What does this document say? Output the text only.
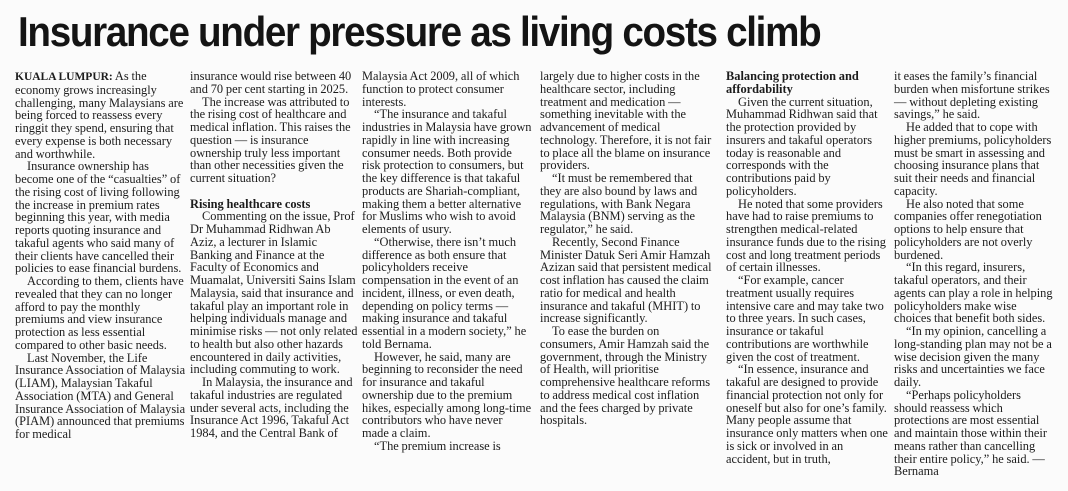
Insurance under pressure as living costs climb

KUALA LUMPUR: As the economy grows increasingly challenging, many Malaysians are being forced to reassess every ringgit they spend, ensuring that every expense is both necessary and worthwhile.

Insurance ownership has become one of the “casualties” of the rising cost of living following the increase in premium rates beginning this year, with media reports quoting insurance and takaful agents who said many of their clients have cancelled their policies to ease financial burdens.

According to them, clients have revealed that they can no longer afford to pay the monthly premiums and view insurance protection as less essential compared to other basic needs.

Last November, the Life Insurance Association of Malaysia (LIAM), Malaysian Takaful Association (MTA) and General Insurance Association of Malaysia (PIAM) announced that premiums for medical

insurance would rise between 40 and 70 per cent starting in 2025.

The increase was attributed to the rising cost of healthcare and medical inflation. This raises the question — is insurance ownership truly less important than other necessities given the current situation?

Rising healthcare costs

Commenting on the issue, Prof Dr Muhammad Ridhwan Ab Aziz, a lecturer in Islamic Banking and Finance at the Faculty of Economics and Muamalat, Universiti Sains Islam Malaysia, said that insurance and takaful play an important role in helping individuals manage and minimise risks — not only related to health but also other hazards encountered in daily activities, including commuting to work.

In Malaysia, the insurance and takaful industries are regulated under several acts, including the Insurance Act 1996, Takaful Act 1984, and the Central Bank of

Malaysia Act 2009, all of which function to protect consumer interests.

“The insurance and takaful industries in Malaysia have grown rapidly in line with increasing consumer needs. Both provide risk protection to consumers, but the key difference is that takaful products are Shariah-compliant, making them a better alternative for Muslims who wish to avoid elements of usury.

“Otherwise, there isn’t much difference as both ensure that policyholders receive compensation in the event of an incident, illness, or even death, depending on policy terms — making insurance and takaful essential in a modern society,” he told Bernama.

However, he said, many are beginning to reconsider the need for insurance and takaful ownership due to the premium hikes, especially among long-time contributors who have never made a claim.

“The premium increase is

largely due to higher costs in the healthcare sector, including treatment and medication — something inevitable with the advancement of medical technology. Therefore, it is not fair to place all the blame on insurance providers.

“It must be remembered that they are also bound by laws and regulations, with Bank Negara Malaysia (BNM) serving as the regulator,” he said.

Recently, Second Finance Minister Datuk Seri Amir Hamzah Azizan said that persistent medical cost inflation has caused the claim ratio for medical and health insurance and takaful (MHIT) to increase significantly.

To ease the burden on consumers, Amir Hamzah said the government, through the Ministry of Health, will prioritise comprehensive healthcare reforms to address medical cost inflation and the fees charged by private hospitals.

Balancing protection and affordability

Given the current situation, Muhammad Ridhwan said that the protection provided by insurers and takaful operators today is reasonable and corresponds with the contributions paid by policyholders.

He noted that some providers have had to raise premiums to strengthen medical-related insurance funds due to the rising cost and long treatment periods of certain illnesses.

“For example, cancer treatment usually requires intensive care and may take two to three years. In such cases, insurance or takaful contributions are worthwhile given the cost of treatment.

“In essence, insurance and takaful are designed to provide financial protection not only for oneself but also for one’s family. Many people assume that insurance only matters when one is sick or involved in an accident, but in truth,

it eases the family’s financial burden when misfortune strikes — without depleting existing savings,” he said.

He added that to cope with higher premiums, policyholders must be smart in assessing and choosing insurance plans that suit their needs and financial capacity.

He also noted that some companies offer renegotiation options to help ensure that policyholders are not overly burdened.

“In this regard, insurers, takaful operators, and their agents can play a role in helping policyholders make wise choices that benefit both sides.

“In my opinion, cancelling a long-standing plan may not be a wise decision given the many risks and uncertainties we face daily.

“Perhaps policyholders should reassess which protections are most essential and maintain those within their means rather than cancelling their entire policy,” he said. — Bernama
